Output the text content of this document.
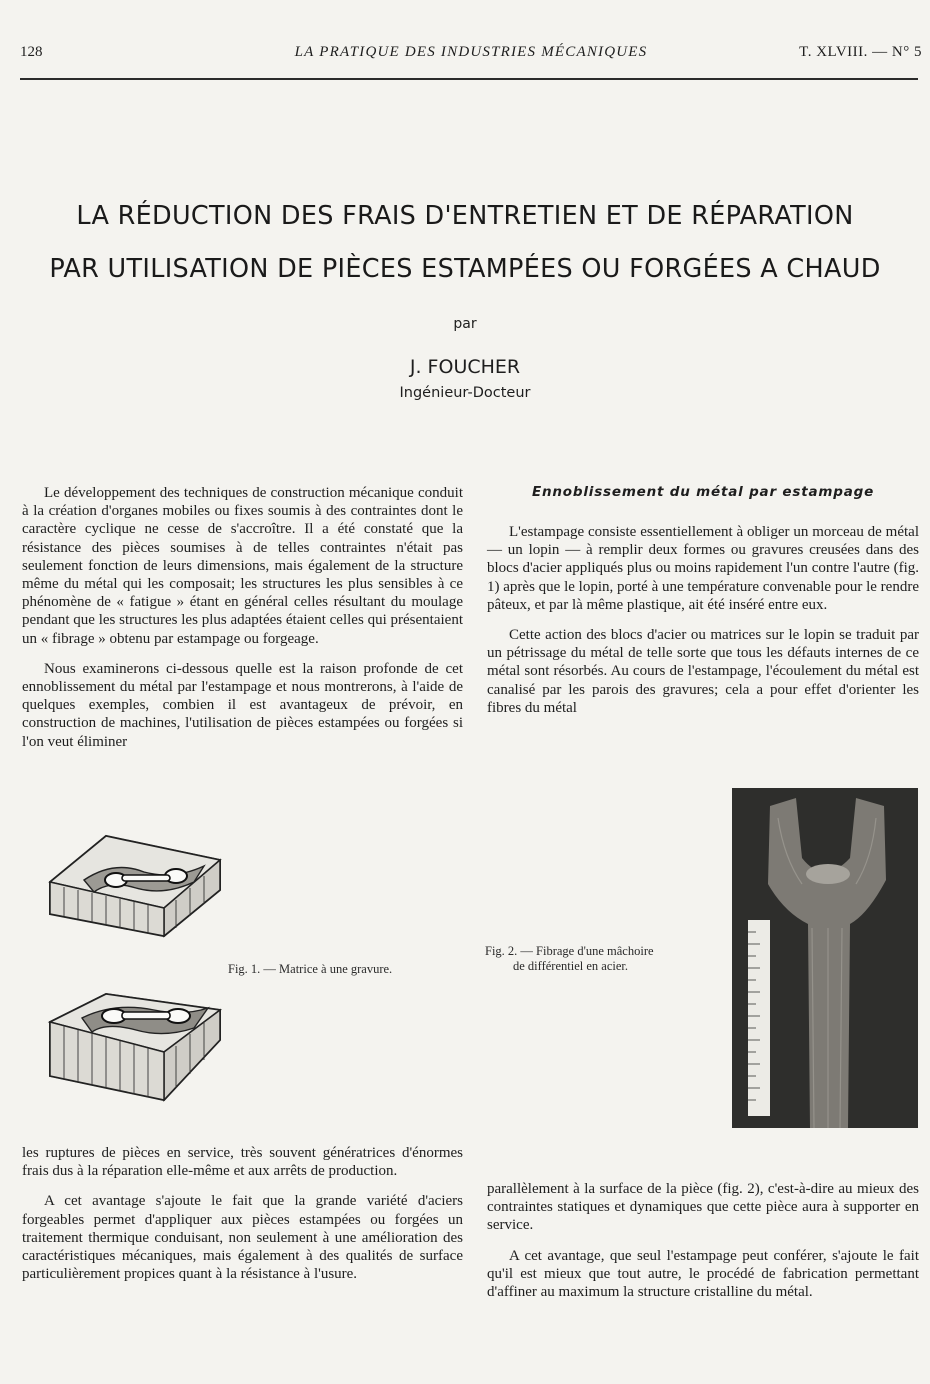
128	LA PRATIQUE DES INDUSTRIES MÉCANIQUES	T. XLVIII. — N° 5
LA RÉDUCTION DES FRAIS D'ENTRETIEN ET DE RÉPARATION
PAR UTILISATION DE PIÈCES ESTAMPÉES OU FORGÉES A CHAUD
par
J. FOUCHER
Ingénieur-Docteur

Le développement des techniques de construction mécanique conduit à la création d'organes mobiles ou fixes soumis à des contraintes dont le caractère cyclique ne cesse de s'accroître. Il a été constaté que la résistance des pièces soumises à de telles contraintes n'était pas seulement fonction de leurs dimensions, mais également de la structure même du métal qui les composait; les structures les plus sensibles à ce phénomène de « fatigue » étant en général celles résultant du moulage pendant que les structures les plus adaptées étaient celles qui présentaient un « fibrage » obtenu par estampage ou forgeage.

Nous examinerons ci-dessous quelle est la raison profonde de cet ennoblissement du métal par l'estampage et nous montrerons, à l'aide de quelques exemples, combien il est avantageux de prévoir, en construction de machines, l'utilisation de pièces estampées ou forgées si l'on veut éliminer

Fig. 1. — Matrice à une gravure.
Ennoblissement du métal par estampage

L'estampage consiste essentiellement à obliger un morceau de métal — un lopin — à remplir deux formes ou gravures creusées dans des blocs d'acier appliqués plus ou moins rapidement l'un contre l'autre (fig. 1) après que le lopin, porté à une température convenable pour le rendre pâteux, et par là même plastique, ait été inséré entre eux.

Cette action des blocs d'acier ou matrices sur le lopin se traduit par un pétrissage du métal de telle sorte que tous les défauts internes de ce métal sont résorbés. Au cours de l'estampage, l'écoulement du métal est canalisé par les parois des gravures; cela a pour effet d'orienter les fibres du métal

Fig. 2. — Fibrage d'une mâchoire
de différentiel en acier.

les ruptures de pièces en service, très souvent génératrices d'énormes frais dus à la réparation elle-même et aux arrêts de production.

A cet avantage s'ajoute le fait que la grande variété d'aciers forgeables permet d'appliquer aux pièces estampées ou forgées un traitement thermique conduisant, non seulement à une amélioration des caractéristiques mécaniques, mais également à des qualités de surface particulièrement propices quant à la résistance à l'usure.

parallèlement à la surface de la pièce (fig. 2), c'est-à-dire au mieux des contraintes statiques et dynamiques que cette pièce aura à supporter en service.

A cet avantage, que seul l'estampage peut conférer, s'ajoute le fait qu'il est mieux que tout autre, le procédé de fabrication permettant d'affiner au maximum la structure cristalline du métal.
